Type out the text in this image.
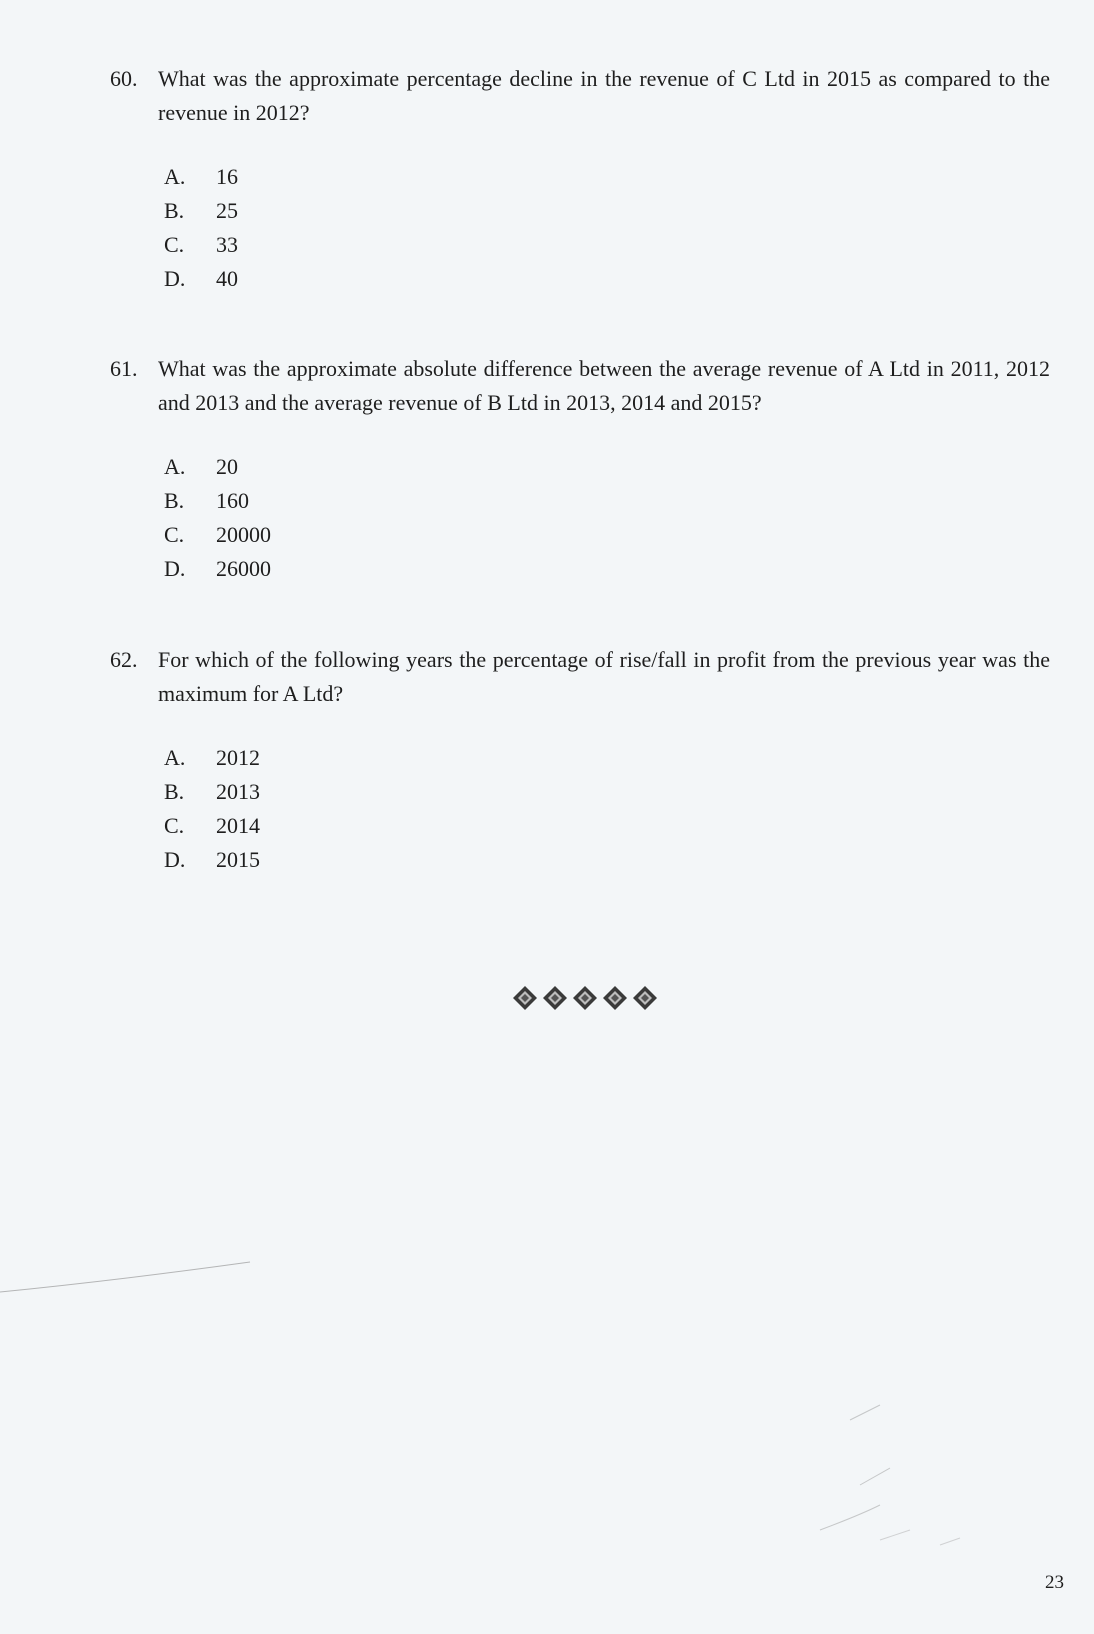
60. What was the approximate percentage decline in the revenue of C Ltd in 2015 as compared to the revenue in 2012?
A.	16
B.	25
C.	33
D.	40
61. What was the approximate absolute difference between the average revenue of A Ltd in 2011, 2012 and 2013 and the average revenue of B Ltd in 2013, 2014 and 2015?
A.	20
B.	160
C.	20000
D.	26000
62. For which of the following years the percentage of rise/fall in profit from the previous year was the maximum for A Ltd?
A.	2012
B.	2013
C.	2014
D.	2015
23
